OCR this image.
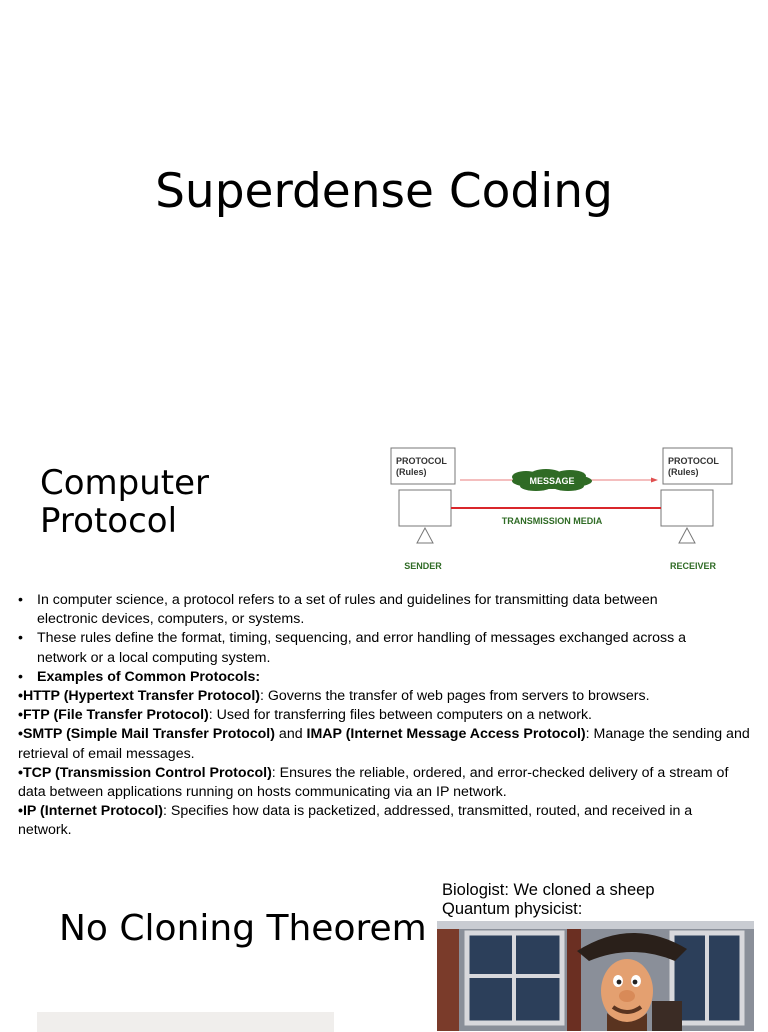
Superdense Coding
Computer
Protocol
PROTOCOL
(Rules)
PROTOCOL
(Rules)
MESSAGE
TRANSMISSION MEDIA
SENDER	RECEIVER
• In computer science, a protocol refers to a set of rules and guidelines for transmitting data between
electronic devices, computers, or systems.
• These rules define the format, timing, sequencing, and error handling of messages exchanged across a
network or a local computing system.
• Examples of Common Protocols:
•HTTP (Hypertext Transfer Protocol): Governs the transfer of web pages from servers to browsers.
•FTP (File Transfer Protocol): Used for transferring files between computers on a network.
•SMTP (Simple Mail Transfer Protocol) and IMAP (Internet Message Access Protocol): Manage the sending and
retrieval of email messages.
•TCP (Transmission Control Protocol): Ensures the reliable, ordered, and error-checked delivery of a stream of
data between applications running on hosts communicating via an IP network.
•IP (Internet Protocol): Specifies how data is packetized, addressed, transmitted, routed, and received in a
network.
No Cloning Theorem
Biologist: We cloned a sheep
Quantum physicist:
